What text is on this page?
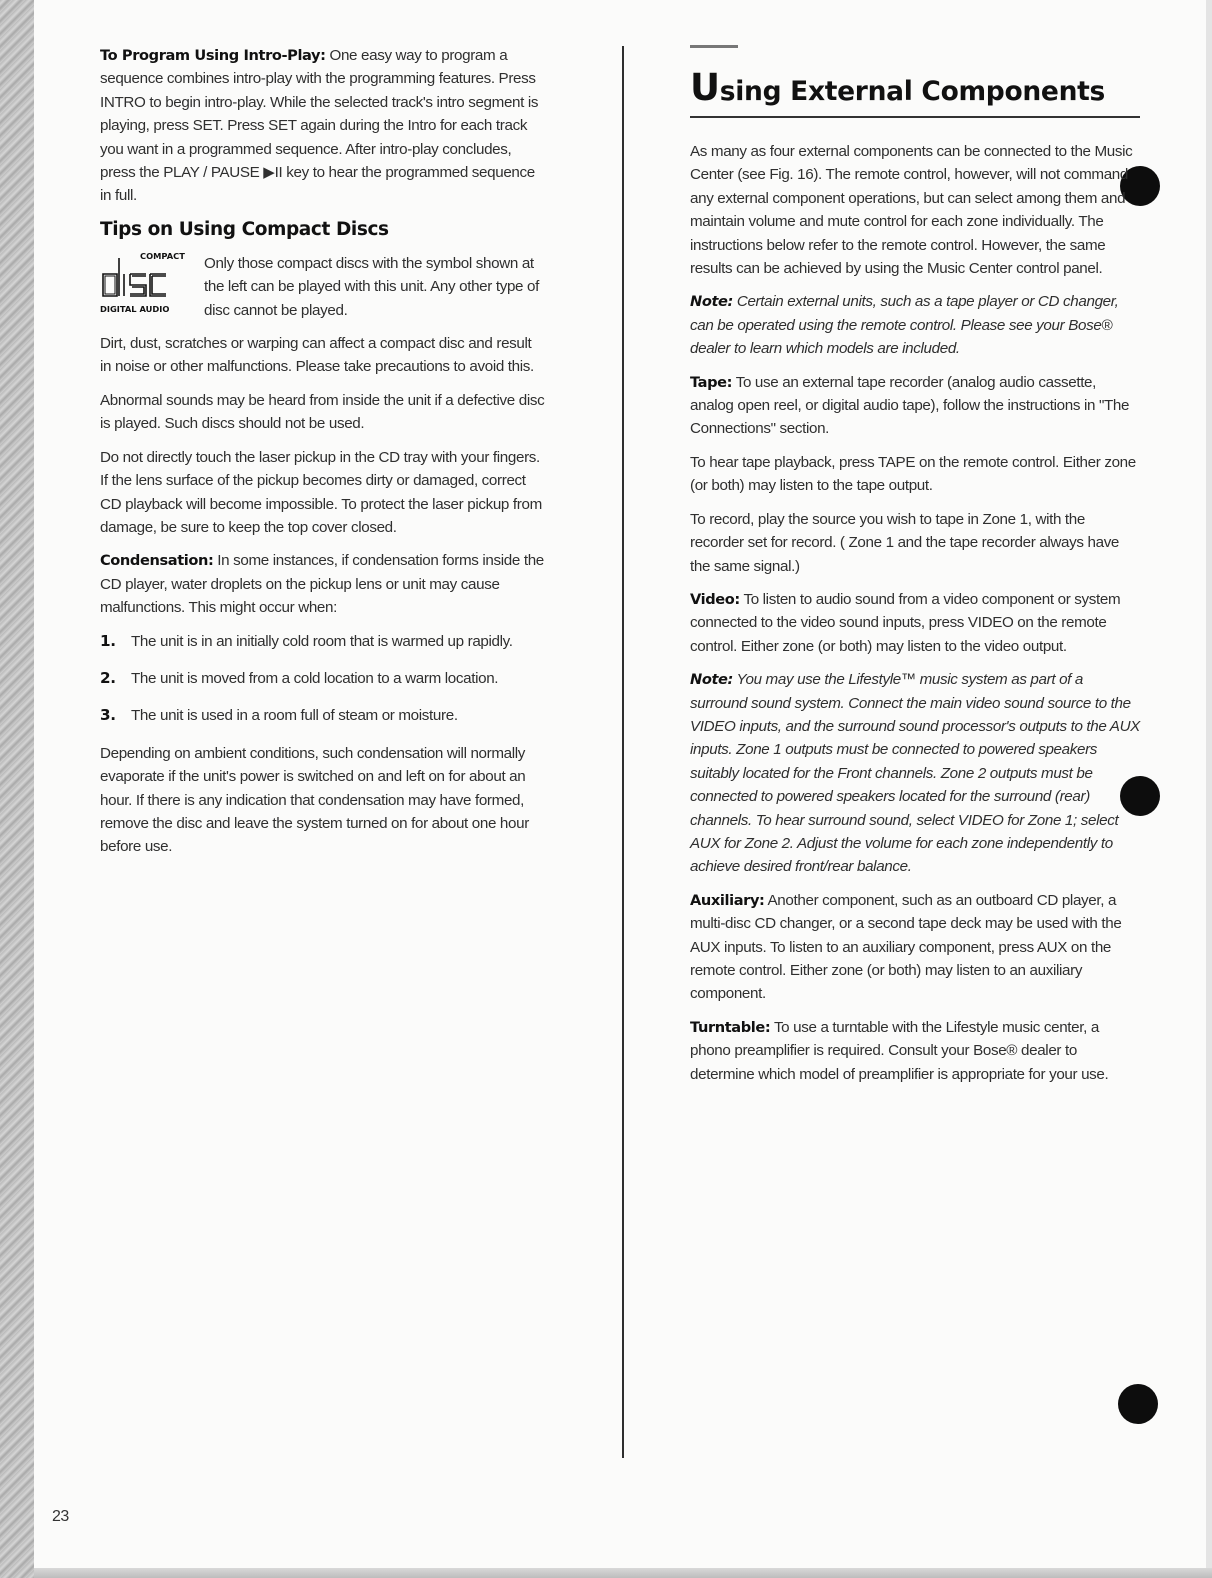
To Program Using Intro-Play: One easy way to program a sequence combines intro-play with the programming features. Press INTRO to begin intro-play. While the selected track's intro segment is playing, press SET. Press SET again during the Intro for each track you want in a programmed sequence. After intro-play concludes, press the PLAY / PAUSE ▶II key to hear the programmed sequence in full.

Tips on Using Compact Discs
COMPACT
DIGITAL AUDIO

Only those compact discs with the symbol shown at the left can be played with this unit. Any other type of disc cannot be played.

Dirt, dust, scratches or warping can affect a compact disc and result in noise or other malfunctions. Please take precautions to avoid this.

Abnormal sounds may be heard from inside the unit if a defective disc is played. Such discs should not be used.

Do not directly touch the laser pickup in the CD tray with your fingers. If the lens surface of the pickup becomes dirty or damaged, correct CD playback will become impossible. To protect the laser pickup from damage, be sure to keep the top cover closed.

Condensation: In some instances, if condensation forms inside the CD player, water droplets on the pickup lens or unit may cause malfunctions. This might occur when:

1.	The unit is in an initially cold room that is warmed up rapidly.
2.	The unit is moved from a cold location to a warm location.
3.	The unit is used in a room full of steam or moisture.

Depending on ambient conditions, such condensation will normally evaporate if the unit's power is switched on and left on for about an hour. If there is any indication that condensation may have formed, remove the disc and leave the system turned on for about one hour before use.

Using External Components

As many as four external components can be connected to the Music Center (see Fig. 16). The remote control, however, will not command any external component operations, but can select among them and maintain volume and mute control for each zone individually. The instructions below refer to the remote control. However, the same results can be achieved by using the Music Center control panel.

Note: Certain external units, such as a tape player or CD changer, can be operated using the remote control. Please see your Bose® dealer to learn which models are included.

Tape: To use an external tape recorder (analog audio cassette, analog open reel, or digital audio tape), follow the instructions in "The Connections" section.

To hear tape playback, press TAPE on the remote control. Either zone (or both) may listen to the tape output.

To record, play the source you wish to tape in Zone 1, with the recorder set for record. ( Zone 1 and the tape recorder always have the same signal.)

Video: To listen to audio sound from a video component or system connected to the video sound inputs, press VIDEO on the remote control. Either zone (or both) may listen to the video output.

Note: You may use the Lifestyle™ music system as part of a surround sound system. Connect the main video sound source to the VIDEO inputs, and the surround sound processor's outputs to the AUX inputs. Zone 1 outputs must be connected to powered speakers suitably located for the Front channels. Zone 2 outputs must be connected to powered speakers located for the surround (rear) channels. To hear surround sound, select VIDEO for Zone 1; select AUX for Zone 2. Adjust the volume for each zone independently to achieve desired front/rear balance.

Auxiliary: Another component, such as an outboard CD player, a multi-disc CD changer, or a second tape deck may be used with the AUX inputs. To listen to an auxiliary component, press AUX on the remote control. Either zone (or both) may listen to an auxiliary component.

Turntable: To use a turntable with the Lifestyle music center, a phono preamplifier is required. Consult your Bose® dealer to determine which model of preamplifier is appropriate for your use.

23
